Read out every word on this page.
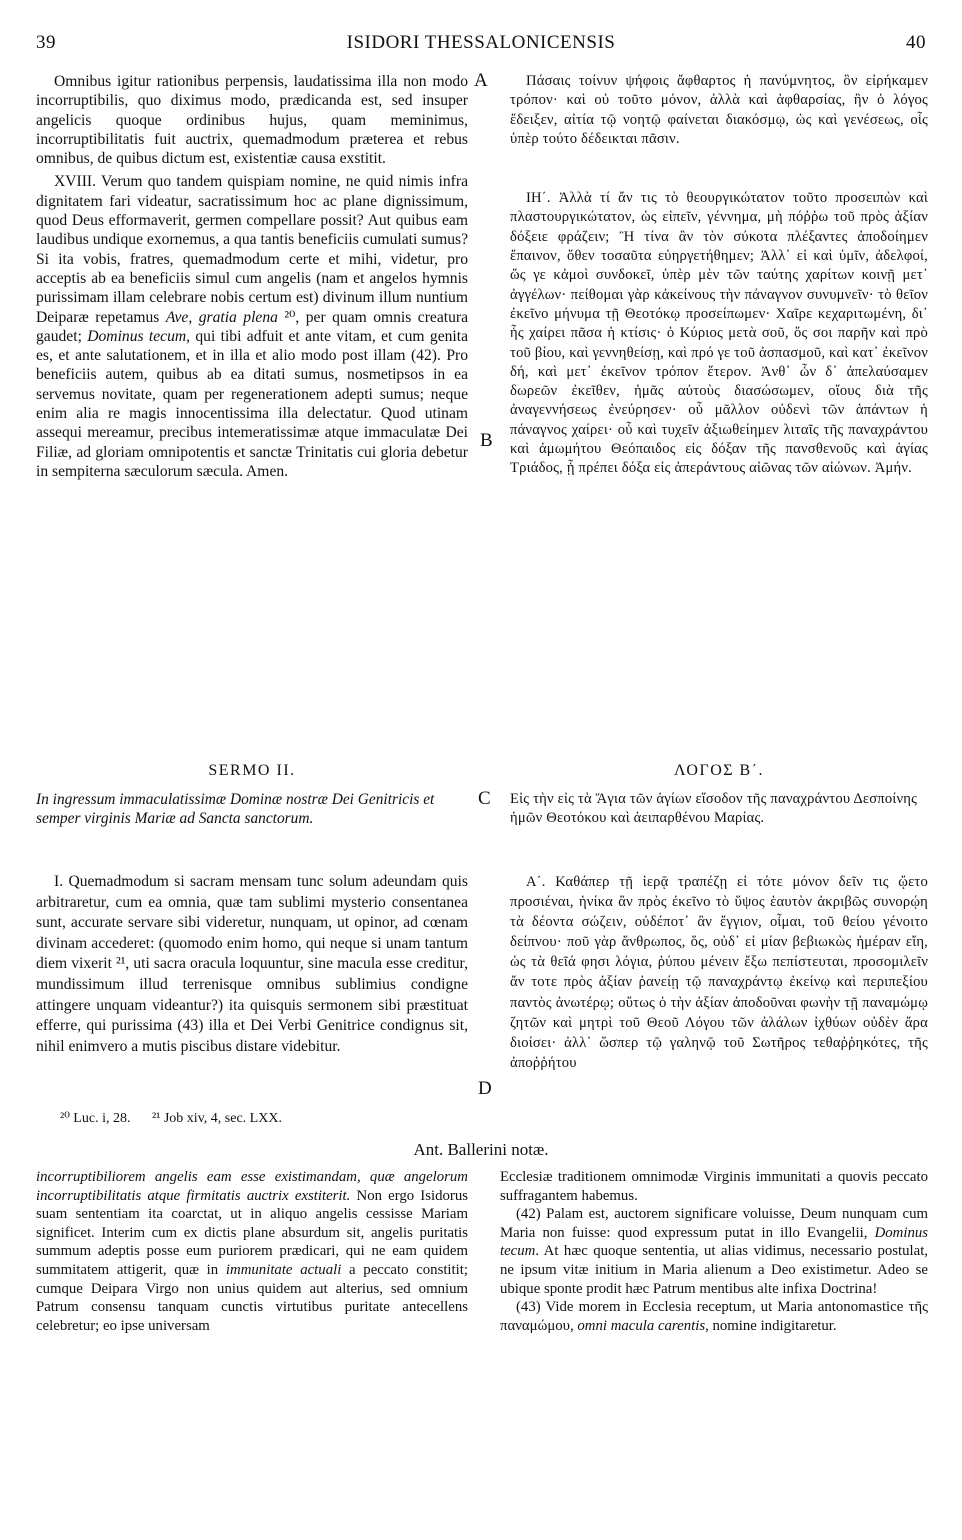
39	ISIDORI THESSALONICENSIS	40
A
B
C
D

Omnibus igitur rationibus perpensis, laudatissima illa non modo incorruptibilis, quo diximus modo, prædicanda est, sed insuper angelicis quoque ordinibus hujus, quam meminimus, incorruptibilitatis fuit auctrix, quemadmodum præterea et rebus omnibus, de quibus dictum est, existentiæ causa exstitit.

XVIII. Verum quo tandem quispiam nomine, ne quid nimis infra dignitatem fari videatur, sacratissimum hoc ac plane dignissimum, quod Deus efformaverit, germen compellare possit? Aut quibus eam laudibus undique exornemus, a qua tantis beneficiis cumulati sumus? Si ita vobis, fratres, quemadmodum certe et mihi, videtur, pro acceptis ab ea beneficiis simul cum angelis (nam et angelos hymnis purissimam illam celebrare nobis certum est) divinum illum nuntium Deiparæ repetamus Ave, gratia plena ²⁰, per quam omnis creatura gaudet; Dominus tecum, qui tibi adfuit et ante vitam, et cum genita es, et ante salutationem, et in illa et alio modo post illam (42). Pro beneficiis autem, quibus ab ea ditati sumus, nosmetipsos in ea servemus novitate, quam per regenerationem adepti sumus; neque enim alia re magis innocentissima illa delectatur. Quod utinam assequi mereamur, precibus intemeratissimæ atque immaculatæ Dei Filiæ, ad gloriam omnipotentis et sanctæ Trinitatis cui gloria debetur in sempiterna sæculorum sæcula. Amen.

Πάσαις τοίνυν ψήφοις ἄφθαρτος ἡ πανύμνητος, ὃν εἰρήκαμεν τρόπον· καὶ οὐ τοῦτο μόνον, ἀλλὰ καὶ ἀφθαρσίας, ἣν ὁ λόγος ἔδειξεν, αἰτία τῷ νοητῷ φαίνεται διακόσμῳ, ὡς καὶ γενέσεως, οἷς ὑπὲρ τούτο δέδεικται πᾶσιν.

ΙΗ΄. Ἀλλὰ τί ἄν τις τὸ θεουργικώτατον τοῦτο προσειπὼν καὶ πλαστουργικώτατον, ὡς εἰπεῖν, γέννημα, μὴ πόῤῥω τοῦ πρὸς ἀξίαν δόξειε φράζειν; Ἢ τίνα ἂν τὸν σύκοτα πλέξαντες ἀποδοίημεν ἔπαινον, ὅθεν τοσαῦτα εὐηργετήθημεν; Ἀλλ᾽ εἰ καὶ ὑμῖν, ἀδελφοί, ὥς γε κἀμοὶ συνδοκεῖ, ὑπὲρ μὲν τῶν ταύτης χαρίτων κοινῇ μετ᾽ ἀγγέλων· πείθομαι γὰρ κἀκείνους τὴν πάναγνον συνυμνεῖν· τὸ θεῖον ἐκεῖνο μήνυμα τῇ Θεοτόκῳ προσείπωμεν· Χαῖρε κεχαριτωμένη, δι᾽ ἧς χαίρει πᾶσα ἡ κτίσις· ὁ Κύριος μετὰ σοῦ, ὅς σοι παρῆν καὶ πρὸ τοῦ βίου, καὶ γεννηθείσῃ, καὶ πρό γε τοῦ ἀσπασμοῦ, καὶ κατ᾽ ἐκεῖνον δή, καὶ μετ᾽ ἐκεῖνον τρόπον ἕτερον. Ἀνθ᾽ ὧν δ᾽ ἀπελαύσαμεν δωρεῶν ἐκεῖθεν, ἡμᾶς αὐτοὺς διασώσωμεν, οἵους διὰ τῆς ἀναγεννήσεως ἐνεύρησεν· οὗ μᾶλλον οὐδενὶ τῶν ἁπάντων ἡ πάναγνος χαίρει· οὗ καὶ τυχεῖν ἀξιωθείημεν λιταῖς τῆς παναχράντου καὶ ἀμωμήτου Θεόπαιδος εἰς δόξαν τῆς πανσθενοῦς καὶ ἁγίας Τριάδος, ᾗ πρέπει δόξα εἰς ἀπεράντους αἰῶνας τῶν αἰώνων. Ἀμήν.

SERMO II.	ΛΟΓΟΣ Β΄.

In ingressum immaculatissimæ Dominæ nostræ Dei Genitricis et semper virginis Mariæ ad Sancta sanctorum.

Εἰς τὴν εἰς τὰ Ἅγια τῶν ἁγίων εἴσοδον τῆς παναχράντου Δεσποίνης ἡμῶν Θεοτόκου καὶ ἀειπαρθένου Μαρίας.

I. Quemadmodum si sacram mensam tunc solum adeundam quis arbitraretur, cum ea omnia, quæ tam sublimi mysterio consentanea sunt, accurate servare sibi videretur, nunquam, ut opinor, ad cœnam divinam accederet: (quomodo enim homo, qui neque si unam tantum diem vixerit ²¹, uti sacra oracula loquuntur, sine macula esse creditur, mundissimum illud terrenisque omnibus sublimius condigne attingere unquam videantur?) ita quisquis sermonem sibi præstituat efferre, qui purissima (43) illa et Dei Verbi Genitrice condignus sit, nihil enimvero a mutis piscibus distare videbitur.

Α΄. Καθάπερ τῇ ἱερᾷ τραπέζῃ εἰ τότε μόνον δεῖν τις ᾤετο προσιέναι, ἡνίκα ἂν πρὸς ἐκεῖνο τὸ ὕψος ἑαυτὸν ἀκριβῶς συνορῴη τὰ δέοντα σώζειν, οὐδέποτ᾽ ἂν ἔγγιον, οἶμαι, τοῦ θείου γένοιτο δείπνου· ποῦ γὰρ ἄνθρωπος, ὅς, οὐδ᾽ εἰ μίαν βεβιωκὼς ἡμέραν εἴη, ὡς τὰ θεῖά φησι λόγια, ῥύπου μένειν ἔξω πεπίστευται, προσομιλεῖν ἄν τοτε πρὸς ἀξίαν ῥανείῃ τῷ παναχράντῳ ἐκείνῳ καὶ περιπεξίου παντὸς ἀνωτέρῳ; οὕτως ὁ τὴν ἀξίαν ἀποδοῦναι φωνὴν τῇ παναμώμῳ ζητῶν καὶ μητρὶ τοῦ Θεοῦ Λόγου τῶν ἀλάλων ἰχθύων οὐδὲν ἄρα διοίσει· ἀλλ᾽ ὥσπερ τῷ γαληνῷ τοῦ Σωτῆρος τεθαῤῥηκότες, τῆς ἀποῤῥήτου

²⁰ Luc. i, 28. ²¹ Job xiv, 4, sec. LXX.
Ant. Ballerini notæ.

incorruptibiliorem angelis eam esse existimandam, quæ angelorum incorruptibilitatis atque firmitatis auctrix exstiterit. Non ergo Isidorus suam sententiam ita coarctat, ut in aliquo angelis cessisse Mariam significet. Interim cum ex dictis plane absurdum sit, angelis puritatis summum adeptis posse eum puriorem prædicari, qui ne eam quidem summitatem attigerit, quæ in immunitate actuali a peccato constitit; cumque Deipara Virgo non unius quidem aut alterius, sed omnium Patrum consensu tanquam cunctis virtutibus puritate antecellens celebretur; eo ipse universam

Ecclesiæ traditionem omnimodæ Virginis immunitati a quovis peccato suffragantem habemus.

(42) Palam est, auctorem significare voluisse, Deum nunquam cum Maria non fuisse: quod expressum putat in illo Evangelii, Dominus tecum. At hæc quoque sententia, ut alias vidimus, necessario postulat, ne ipsum vitæ initium in Maria alienum a Deo existimetur. Adeo se ubique sponte prodit hæc Patrum mentibus alte infixa Doctrina!

(43) Vide morem in Ecclesia receptum, ut Maria antonomastice τῆς παναμώμου, omni macula carentis, nomine indigitaretur.
